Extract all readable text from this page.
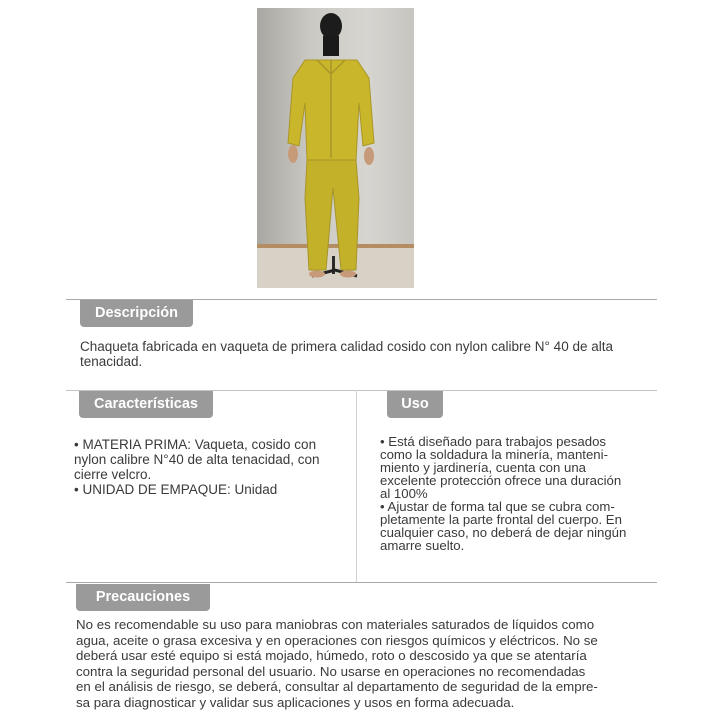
Descripción
Chaqueta fabricada en vaqueta de primera calidad cosido con nylon calibre N° 40 de alta
tenacidad.
Características
• MATERIA PRIMA: Vaqueta, cosido con
nylon calibre N°40 de alta tenacidad, con
cierre velcro.
• UNIDAD DE EMPAQUE: Unidad
Uso
• Está diseñado para trabajos pesados
como la soldadura la minería, manteni-
miento y jardinería, cuenta con una
excelente protección ofrece una duración
al 100%
• Ajustar de forma tal que se cubra com-
pletamente la parte frontal del cuerpo. En
cualquier caso, no deberá de dejar ningún
amarre suelto.
Precauciones
No es recomendable su uso para maniobras con materiales saturados de líquidos como
agua, aceite o grasa excesiva y en operaciones con riesgos químicos y eléctricos. No se
deberá usar esté equipo si está mojado, húmedo, roto o descosido ya que se atentaría
contra la seguridad personal del usuario. No usarse en operaciones no recomendadas
en el análisis de riesgo, se deberá, consultar al departamento de seguridad de la empre-
sa para diagnosticar y validar sus aplicaciones y usos en forma adecuada.
